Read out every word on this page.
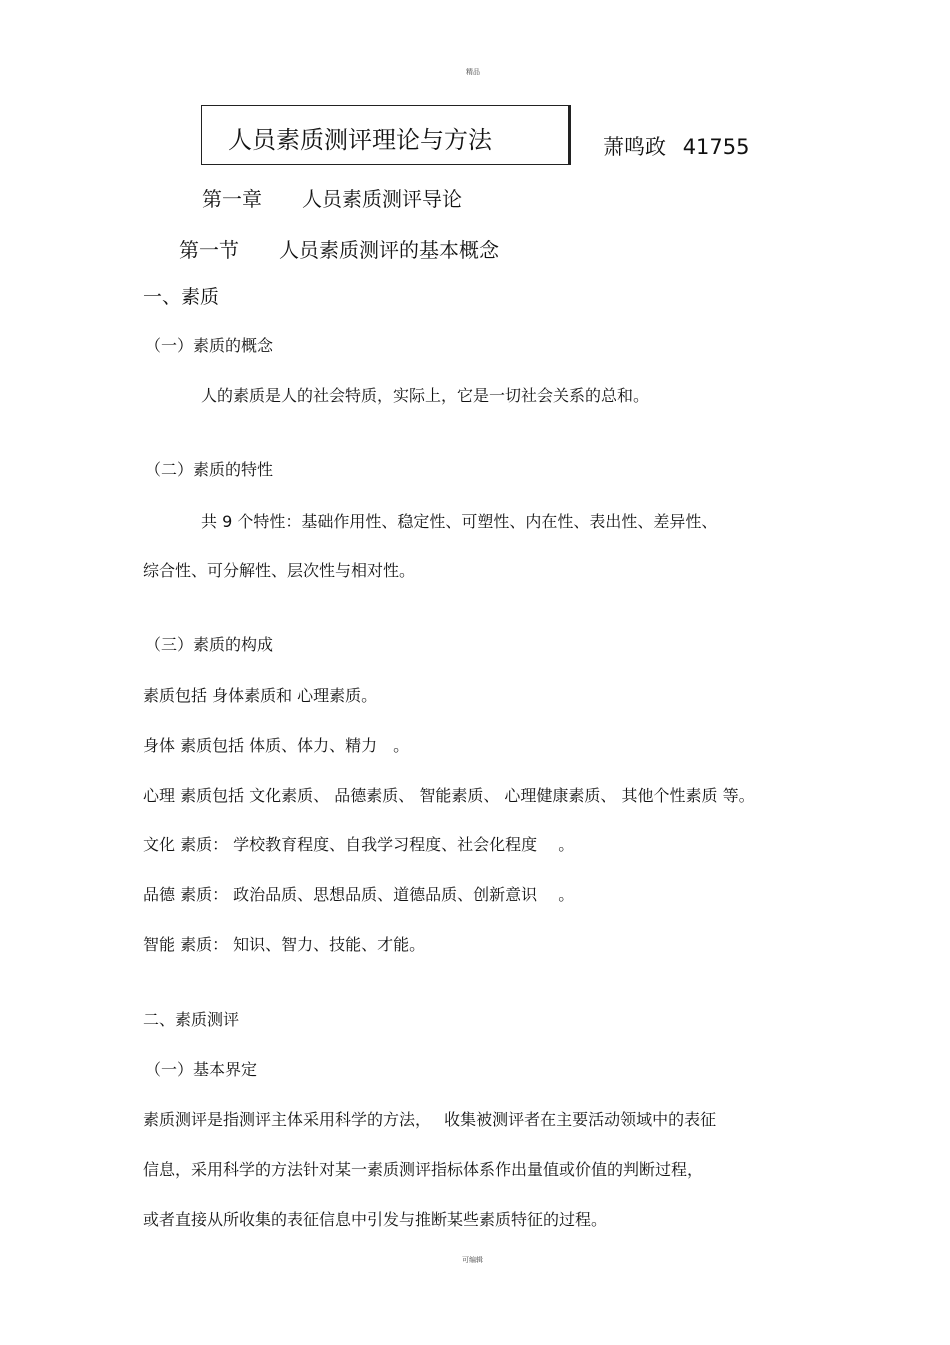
精品
人员素质测评理论与方法	萧鸣政 41755
第一章　　人员素质测评导论
第一节　　人员素质测评的基本概念
一、素质
（一）素质的概念
人的素质是人的社会特质，实际上，它是一切社会关系的总和。
（二）素质的特性
共 9 个特性：基础作用性、稳定性、可塑性、内在性、表出性、差异性、
综合性、可分解性、层次性与相对性。
（三）素质的构成
素质包括 身体素质和 心理素质。
身体 素质包括 体质、体力、精力　。
心理 素质包括 文化素质、 品德素质、 智能素质、 心理健康素质、 其他个性素质 等。
文化 素质： 学校教育程度、自我学习程度、社会化程度　 。
品德 素质： 政治品质、思想品质、道德品质、创新意识　 。
智能 素质： 知识、智力、技能、才能。
二、素质测评
（一）基本界定
素质测评是指测评主体采用科学的方法，　 收集被测评者在主要活动领域中的表征
信息，采用科学的方法针对某一素质测评指标体系作出量值或价值的判断过程，
或者直接从所收集的表征信息中引发与推断某些素质特征的过程。
可编辑
